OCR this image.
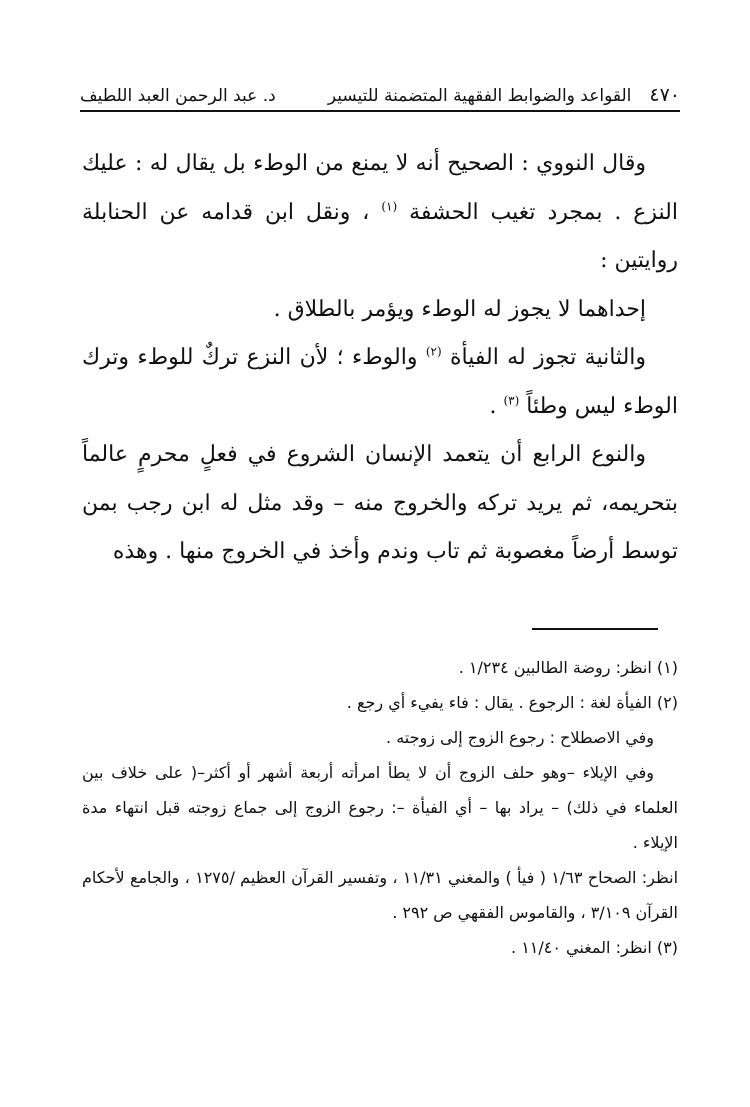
٤٧٠
القواعد والضوابط الفقهية المتضمنة للتيسير
د. عبد الرحمن العبد اللطيف

وقال النووي : الصحيح أنه لا يمنع من الوطء بل يقال له : عليك النزع . بمجرد تغيب الحشفة $^{(١)}$ ، ونقل ابن قدامه عن الحنابلة روايتين :

إحداهما لا يجوز له الوطء ويؤمر بالطلاق .

والثانية تجوز له الفيأة $^{(٢)}$ والوطء ؛ لأن النزع تركٌ للوطء وترك الوطء ليس وطئاً $^{(٣)}$ .

والنوع الرابع أن يتعمد الإنسان الشروع في فعلٍ محرمٍ عالماً بتحريمه، ثم يريد تركه والخروج منه – وقد مثل له ابن رجب بمن توسط أرضاً مغصوبة ثم تاب وندم وأخذ في الخروج منها . وهذه

(١) انظر: روضة الطالبين ١/٢٣٤ .

(٢) الفيأة لغة : الرجوع . يقال : فاء يفيء أي رجع .

وفي الاصطلاح : رجوع الزوج إلى زوجته .

وفي الإيلاء –وهو حلف الزوج أن لا يطأ امرأته أربعة أشهر أو أكثر–( على خلاف بين العلماء في ذلك) – يراد بها – أي الفيأة –: رجوع الزوج إلى جماع زوجته قبل انتهاء مدة الإيلاء .

انظر: الصحاح ١/٦٣ ( فيأ ) والمغني ١١/٣١ ، وتفسير القرآن العظيم /١٢٧٥ ، والجامع لأحكام القرآن ٣/١٠٩ ، والقاموس الفقهي ص ٢٩٢ .

(٣) انظر: المغني ١١/٤٠ .
